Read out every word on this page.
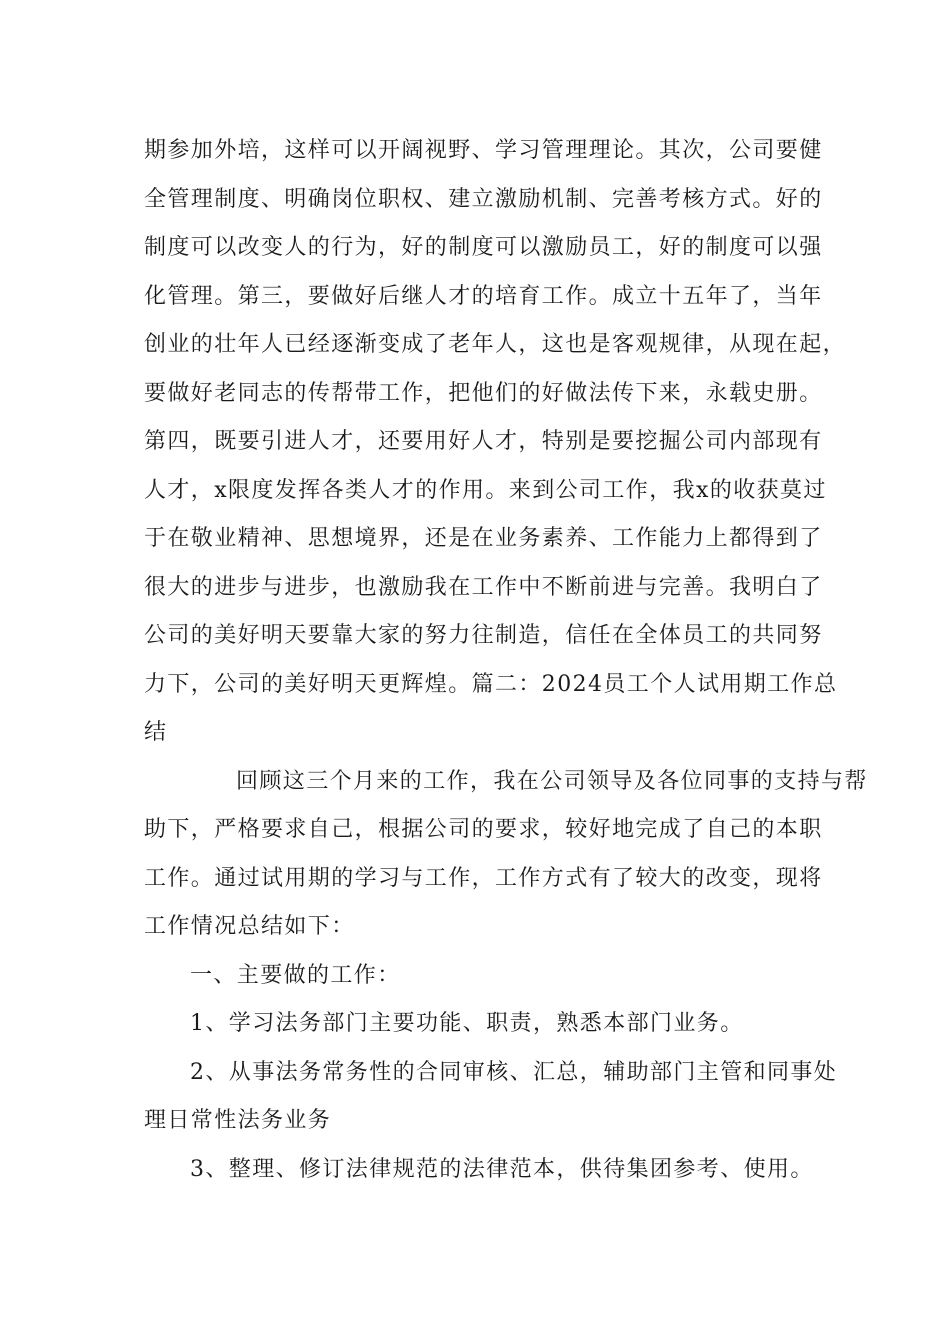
期参加外培，这样可以开阔视野、学习管理理论。其次，公司要健
全管理制度、明确岗位职权、建立激励机制、完善考核方式。好的
制度可以改变人的行为，好的制度可以激励员工，好的制度可以强
化管理。第三，要做好后继人才的培育工作。成立十五年了，当年
创业的壮年人已经逐渐变成了老年人，这也是客观规律，从现在起，
要做好老同志的传帮带工作，把他们的好做法传下来，永载史册。
第四，既要引进人才，还要用好人才，特别是要挖掘公司内部现有
人才，x限度发挥各类人才的作用。来到公司工作，我x的收获莫过
于在敬业精神、思想境界，还是在业务素养、工作能力上都得到了
很大的进步与进步，也激励我在工作中不断前进与完善。我明白了
公司的美好明天要靠大家的努力往制造，信任在全体员工的共同努
力下，公司的美好明天更辉煌。篇二：2024员工个人试用期工作总
结

回顾这三个月来的工作，我在公司领导及各位同事的支持与帮
助下，严格要求自己，根据公司的要求，较好地完成了自己的本职
工作。通过试用期的学习与工作，工作方式有了较大的改变，现将
工作情况总结如下：

一、主要做的工作：

1、学习法务部门主要功能、职责，熟悉本部门业务。

2、从事法务常务性的合同审核、汇总，辅助部门主管和同事处
理日常性法务业务

3、整理、修订法律规范的法律范本，供待集团参考、使用。
